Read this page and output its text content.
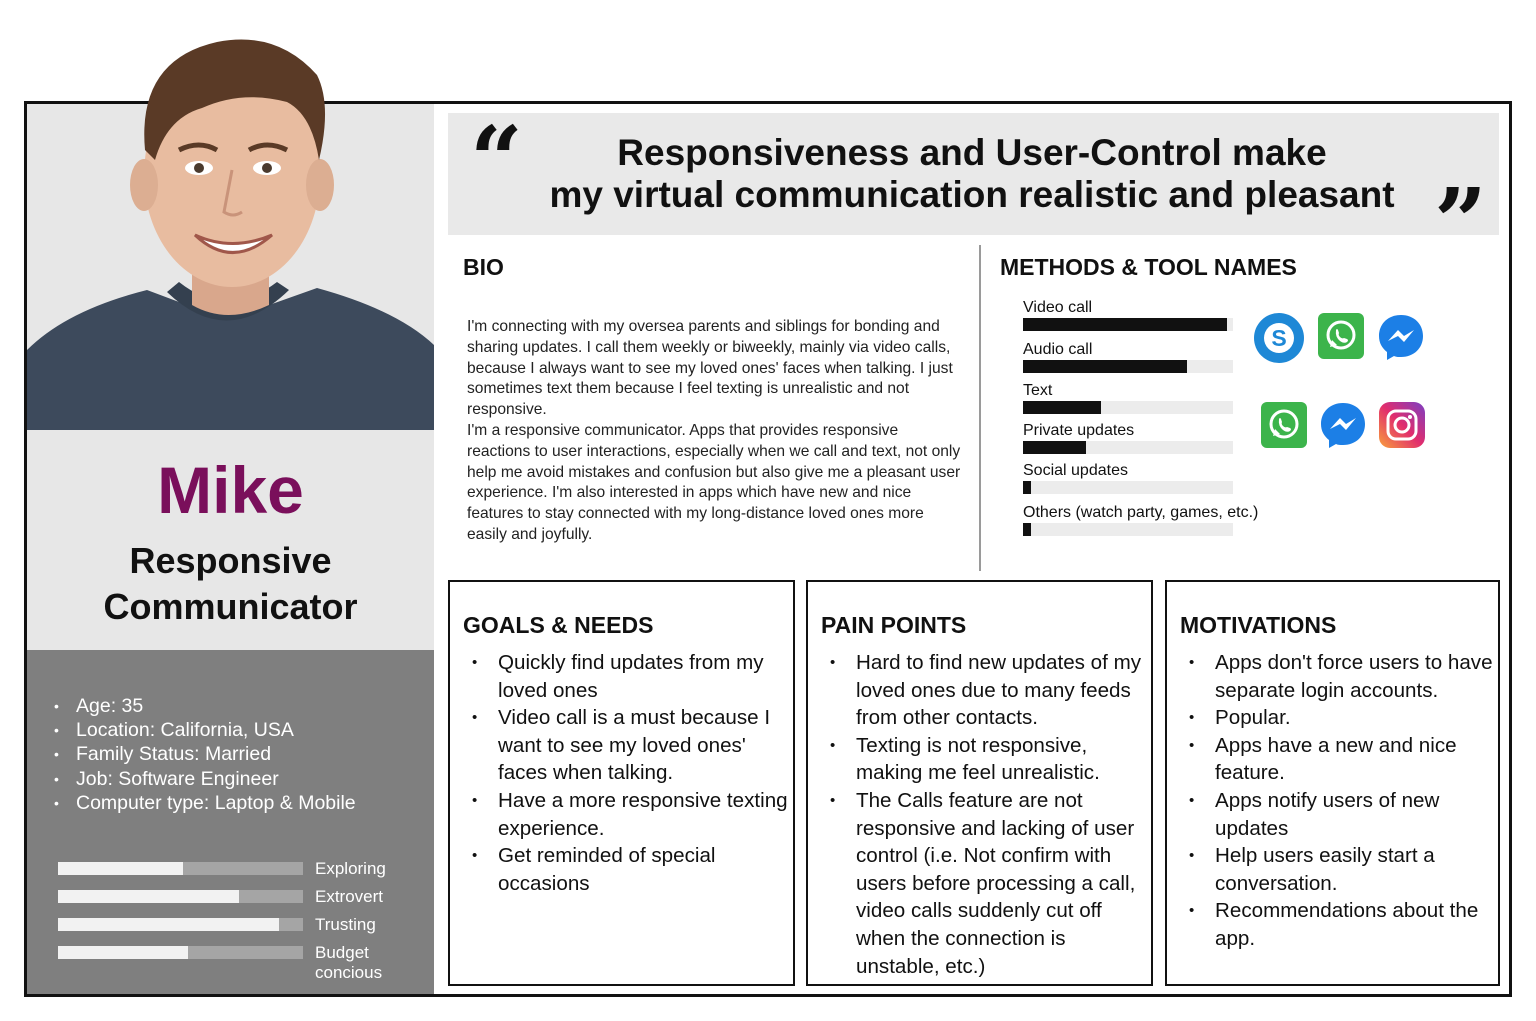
Mike
Responsive
Communicator
• Age: 35
• Location: California, USA
• Family Status: Married
• Job: Software Engineer
• Computer type: Laptop & Mobile
Exploring
Extrovert
Trusting
Budget concious
“
”
Responsiveness and User-Control make
my virtual communication realistic and pleasant
BIO
I'm connecting with my oversea parents and siblings for bonding and sharing updates. I call them weekly or biweekly, mainly via video calls, because I always want to see my loved ones' faces when talking. I just sometimes text them because I feel texting is unrealistic and not responsive.
I'm a responsive communicator. Apps that provides responsive reactions to user interactions, especially when we call and text, not only help me avoid mistakes and confusion but also give me a pleasant user experience. I'm also interested in apps which have new and nice features to stay connected with my long-distance loved ones more easily and joyfully.
METHODS & TOOL NAMES
Video call
Audio call
Text
Private updates
Social updates
Others (watch party, games, etc.)
S
GOALS & NEEDS
• Quickly find updates from my loved ones
• Video call is a must because I want to see my loved ones' faces when talking.
• Have a more responsive texting experience.
• Get reminded of special occasions
PAIN POINTS
• Hard to find new updates of my loved ones due to many feeds from other contacts.
• Texting is not responsive, making me feel unrealistic.
• The Calls feature are not responsive and lacking of user control (i.e. Not confirm with users before processing a call, video calls suddenly cut off when the connection is unstable, etc.)
MOTIVATIONS
• Apps don't force users to have separate login accounts.
• Popular.
• Apps have a new and nice feature.
• Apps notify users of new updates
• Help users easily start a conversation.
• Recommendations about the app.
